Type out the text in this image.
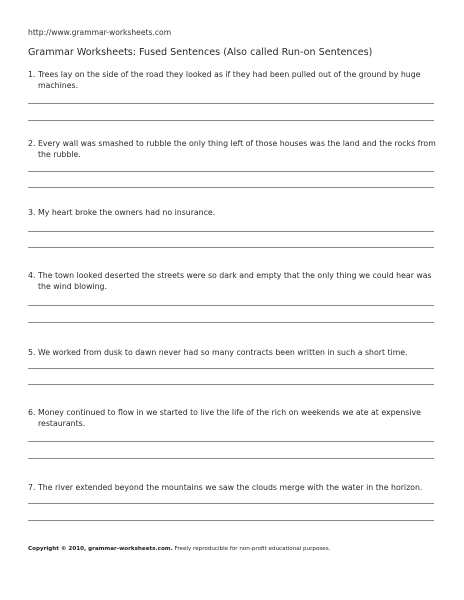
http://www.grammar-worksheets.com
Grammar Worksheets: Fused Sentences (Also called Run-on Sentences)
1. Trees lay on the side of the road they looked as if they had been pulled out of the ground by huge machines.
2. Every wall was smashed to rubble the only thing left of those houses was the land and the rocks from the rubble.
3. My heart broke the owners had no insurance.
4. The town looked deserted the streets were so dark and empty that the only thing we could hear was the wind blowing.
5. We worked from dusk to dawn never had so many contracts been written in such a short time.
6. Money continued to flow in we started to live the life of the rich on weekends we ate at expensive restaurants.
7. The river extended beyond the mountains we saw the clouds merge with the water in the horizon.
Copyright © 2010, grammar-worksheets.com. Freely reproducible for non-profit educational purposes.
